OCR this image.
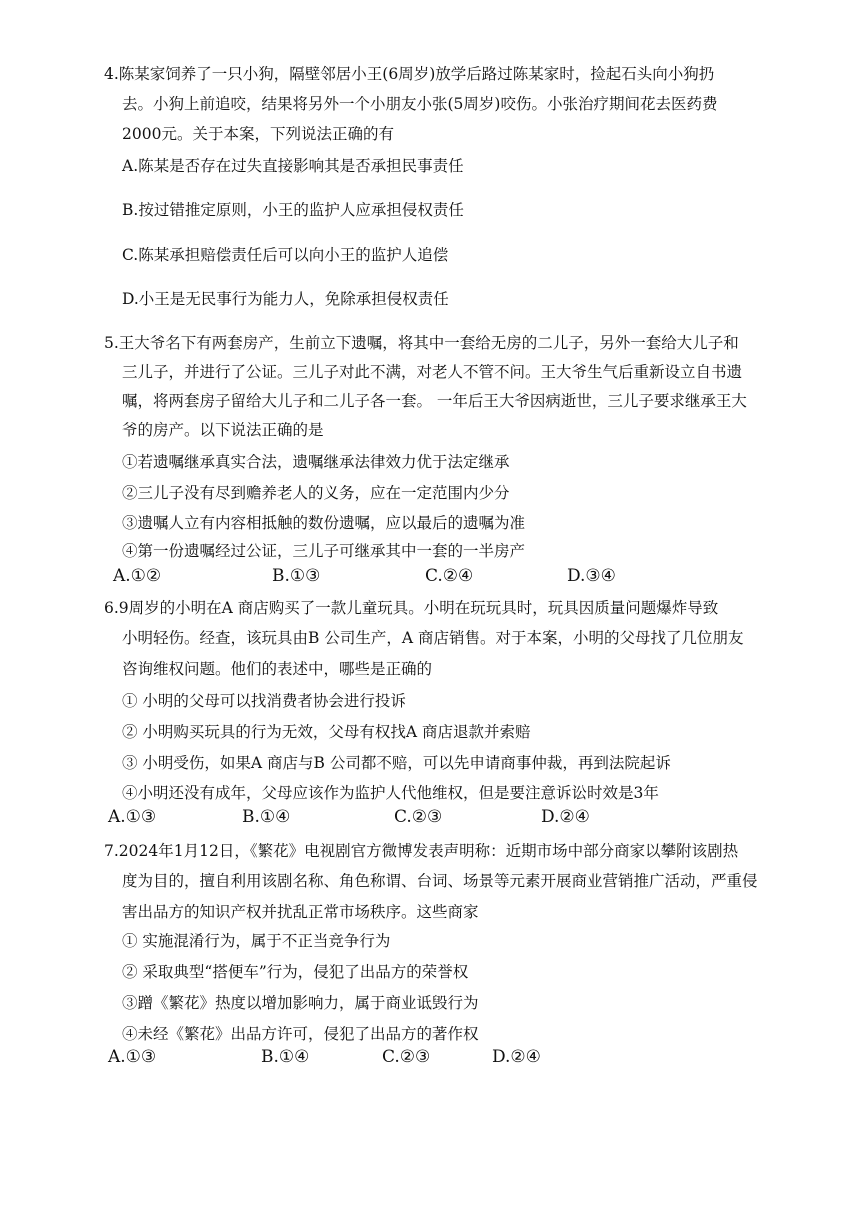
4.陈某家饲养了一只小狗，隔壁邻居小王(6周岁)放学后路过陈某家时，捡起石头向小狗扔
去。小狗上前追咬，结果将另外一个小朋友小张(5周岁)咬伤。小张治疗期间花去医药费
2000元。关于本案，下列说法正确的有
A.陈某是否存在过失直接影响其是否承担民事责任
B.按过错推定原则，小王的监护人应承担侵权责任
C.陈某承担赔偿责任后可以向小王的监护人追偿
D.小王是无民事行为能力人，免除承担侵权责任
5.王大爷名下有两套房产，生前立下遗嘱，将其中一套给无房的二儿子，另外一套给大儿子和
三儿子，并进行了公证。三儿子对此不满，对老人不管不问。王大爷生气后重新设立自书遗
嘱，将两套房子留给大儿子和二儿子各一套。 一年后王大爷因病逝世，三儿子要求继承王大
爷的房产。以下说法正确的是
①若遗嘱继承真实合法，遗嘱继承法律效力优于法定继承
②三儿子没有尽到赡养老人的义务，应在一定范围内少分
③遗嘱人立有内容相抵触的数份遗嘱，应以最后的遗嘱为准
④第一份遗嘱经过公证，三儿子可继承其中一套的一半房产
A.①②	B.①③	C.②④	D.③④
6.9周岁的小明在A 商店购买了一款儿童玩具。小明在玩玩具时，玩具因质量问题爆炸导致
小明轻伤。经查，该玩具由B 公司生产，A 商店销售。对于本案，小明的父母找了几位朋友
咨询维权问题。他们的表述中，哪些是正确的
① 小明的父母可以找消费者协会进行投诉
② 小明购买玩具的行为无效，父母有权找A 商店退款并索赔
③ 小明受伤，如果A 商店与B 公司都不赔，可以先申请商事仲裁，再到法院起诉
④小明还没有成年，父母应该作为监护人代他维权，但是要注意诉讼时效是3年
A.①③	B.①④	C.②③	D.②④
7.2024年1月12日，《繁花》电视剧官方微博发表声明称：近期市场中部分商家以攀附该剧热
度为目的，擅自利用该剧名称、角色称谓、台词、场景等元素开展商业营销推广活动，严重侵
害出品方的知识产权并扰乱正常市场秩序。这些商家
① 实施混淆行为，属于不正当竞争行为
② 采取典型“搭便车”行为，侵犯了出品方的荣誉权
③蹭《繁花》热度以增加影响力，属于商业诋毁行为
④未经《繁花》出品方许可，侵犯了出品方的著作权
A.①③	B.①④	C.②③	D.②④
